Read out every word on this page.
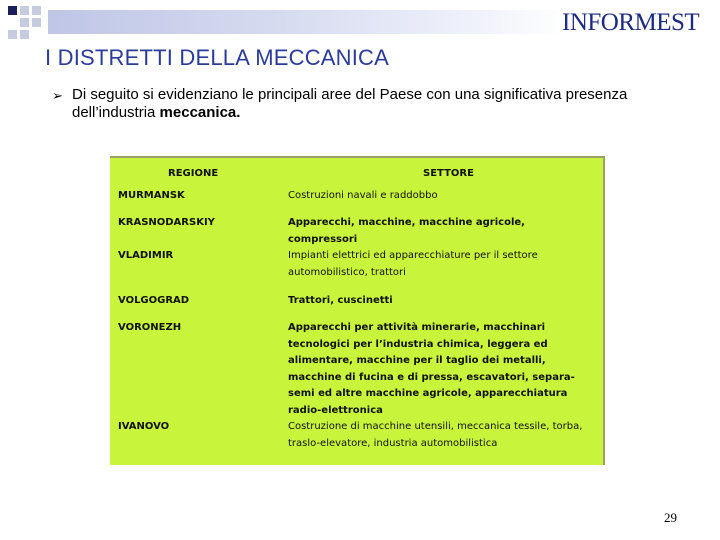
INFORMEST
I DISTRETTI DELLA MECCANICA
➢ Di seguito si evidenziano le principali aree del Paese con una significativa presenza dell’industria meccanica.
REGIONE	SETTORE
MURMANSK	Costruzioni navali e raddobbo
KRASNODARSKIY	Apparecchi, macchine, macchine agricole, compressori
VLADIMIR	Impianti elettrici ed apparecchiature per il settore automobilistico, trattori
VOLGOGRAD	Trattori, cuscinetti
VORONEZH	Apparecchi per attività minerarie, macchinari tecnologici per l’industria chimica, leggera ed alimentare, macchine per il taglio dei metalli, macchine di fucina e di pressa, escavatori, separa-semi ed altre macchine agricole, apparecchiatura radio-elettronica
IVANOVO	Costruzione di macchine utensili, meccanica tessile, torba, traslo-elevatore, industria automobilistica
29
